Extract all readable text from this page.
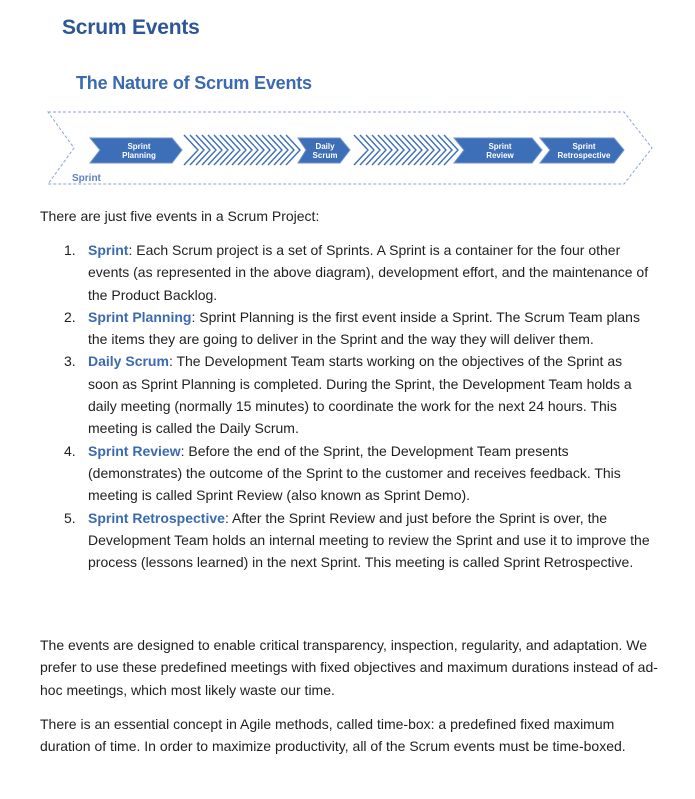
Scrum Events
The Nature of Scrum Events
Sprint
Planning
Daily
Scrum
Sprint
Review
Sprint
Retrospective
Sprint
There are just five events in a Scrum Project:
1. Sprint: Each Scrum project is a set of Sprints. A Sprint is a container for the four other events (as represented in the above diagram), development effort, and the maintenance of the Product Backlog.
2. Sprint Planning: Sprint Planning is the first event inside a Sprint. The Scrum Team plans the items they are going to deliver in the Sprint and the way they will deliver them.
3. Daily Scrum: The Development Team starts working on the objectives of the Sprint as soon as Sprint Planning is completed. During the Sprint, the Development Team holds a daily meeting (normally 15 minutes) to coordinate the work for the next 24 hours. This meeting is called the Daily Scrum.
4. Sprint Review: Before the end of the Sprint, the Development Team presents (demonstrates) the outcome of the Sprint to the customer and receives feedback. This meeting is called Sprint Review (also known as Sprint Demo).
5. Sprint Retrospective: After the Sprint Review and just before the Sprint is over, the Development Team holds an internal meeting to review the Sprint and use it to improve the process (lessons learned) in the next Sprint. This meeting is called Sprint Retrospective.
The events are designed to enable critical transparency, inspection, regularity, and adaptation. We prefer to use these predefined meetings with fixed objectives and maximum durations instead of ad-hoc meetings, which most likely waste our time.
There is an essential concept in Agile methods, called time-box: a predefined fixed maximum duration of time. In order to maximize productivity, all of the Scrum events must be time-boxed.
